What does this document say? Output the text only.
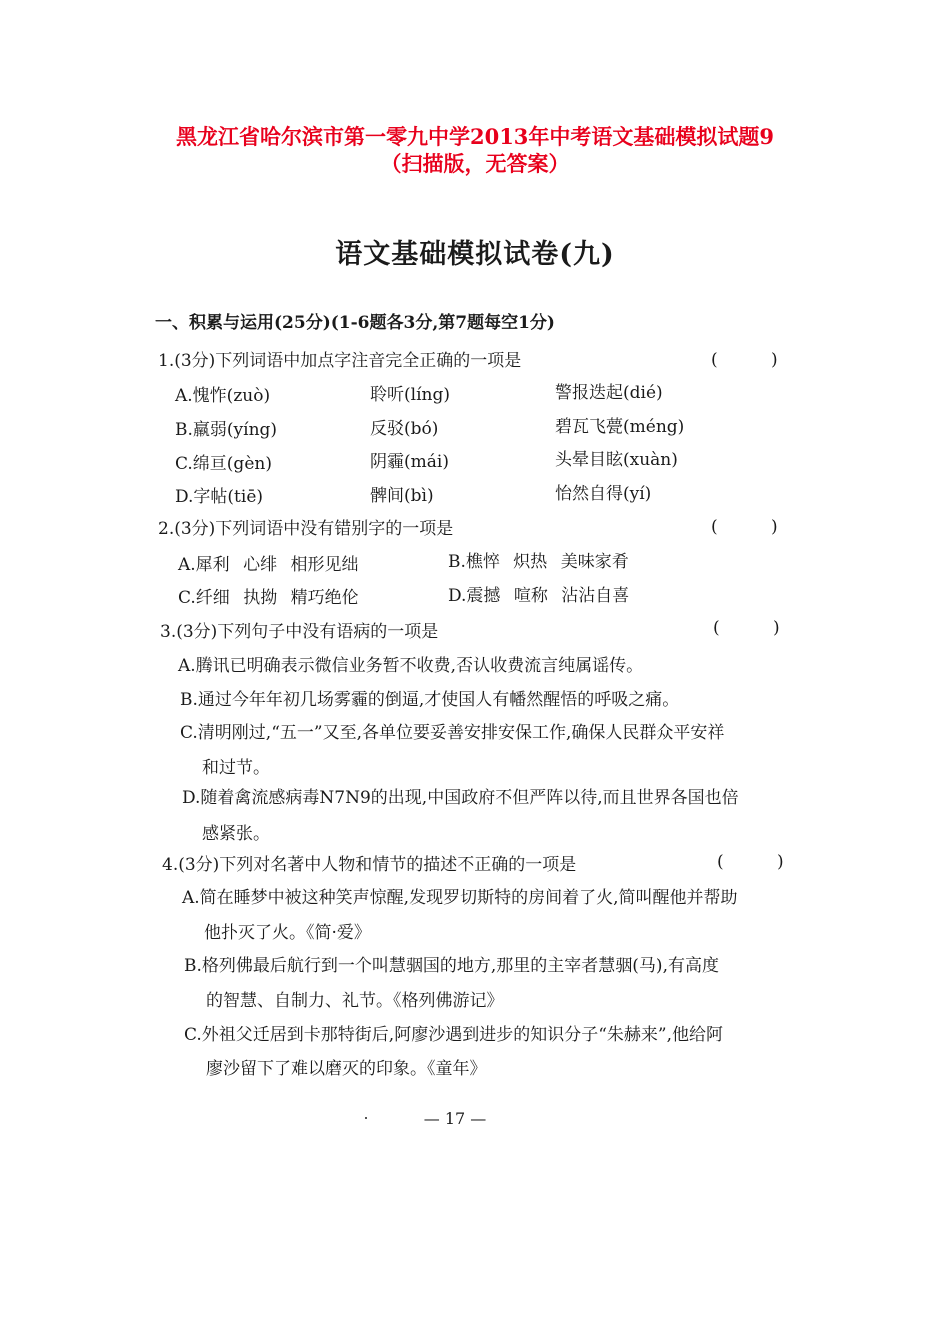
黑龙江省哈尔滨市第一零九中学2013年中考语文基础模拟试题9
（扫描版，无答案）
语文基础模拟试卷(九)
一、积累与运用(25分)(1-6题各3分,第7题每空1分)
1.(3分)下列词语中加点字注音完全正确的一项是	( )
A.愧怍(zuò)	聆听(líng)	警报迭起(dié)
B.羸弱(yíng)	反驳(bó)	碧瓦飞甍(méng)
C.绵亘(gèn)	阴霾(mái)	头晕目眩(xuàn)
D.字帖(tiē)	髀间(bì)	怡然自得(yí)
2.(3分)下列词语中没有错别字的一项是	( )
A.犀利 心绯 相形见绌	B.樵悴 炽热 美味家肴
C.纤细 执拗 精巧绝伦	D.震撼 喧称 沾沾自喜
3.(3分)下列句子中没有语病的一项是	( )
A.腾讯已明确表示微信业务暂不收费,否认收费流言纯属谣传。
B.通过今年年初几场雾霾的倒逼,才使国人有幡然醒悟的呼吸之痛。
C.清明刚过,“五一”又至,各单位要妥善安排安保工作,确保人民群众平安祥
和过节。
D.随着禽流感病毒N7N9的出现,中国政府不但严阵以待,而且世界各国也倍
感紧张。
4.(3分)下列对名著中人物和情节的描述不正确的一项是	( )
A.简在睡梦中被这种笑声惊醒,发现罗切斯特的房间着了火,简叫醒他并帮助
他扑灭了火。《简·爱》
B.格列佛最后航行到一个叫慧骃国的地方,那里的主宰者慧骃(马),有高度
的智慧、自制力、礼节。《格列佛游记》
C.外祖父迁居到卡那特街后,阿廖沙遇到进步的知识分子“朱赫来”,他给阿
廖沙留下了难以磨灭的印象。《童年》
— 17 —
